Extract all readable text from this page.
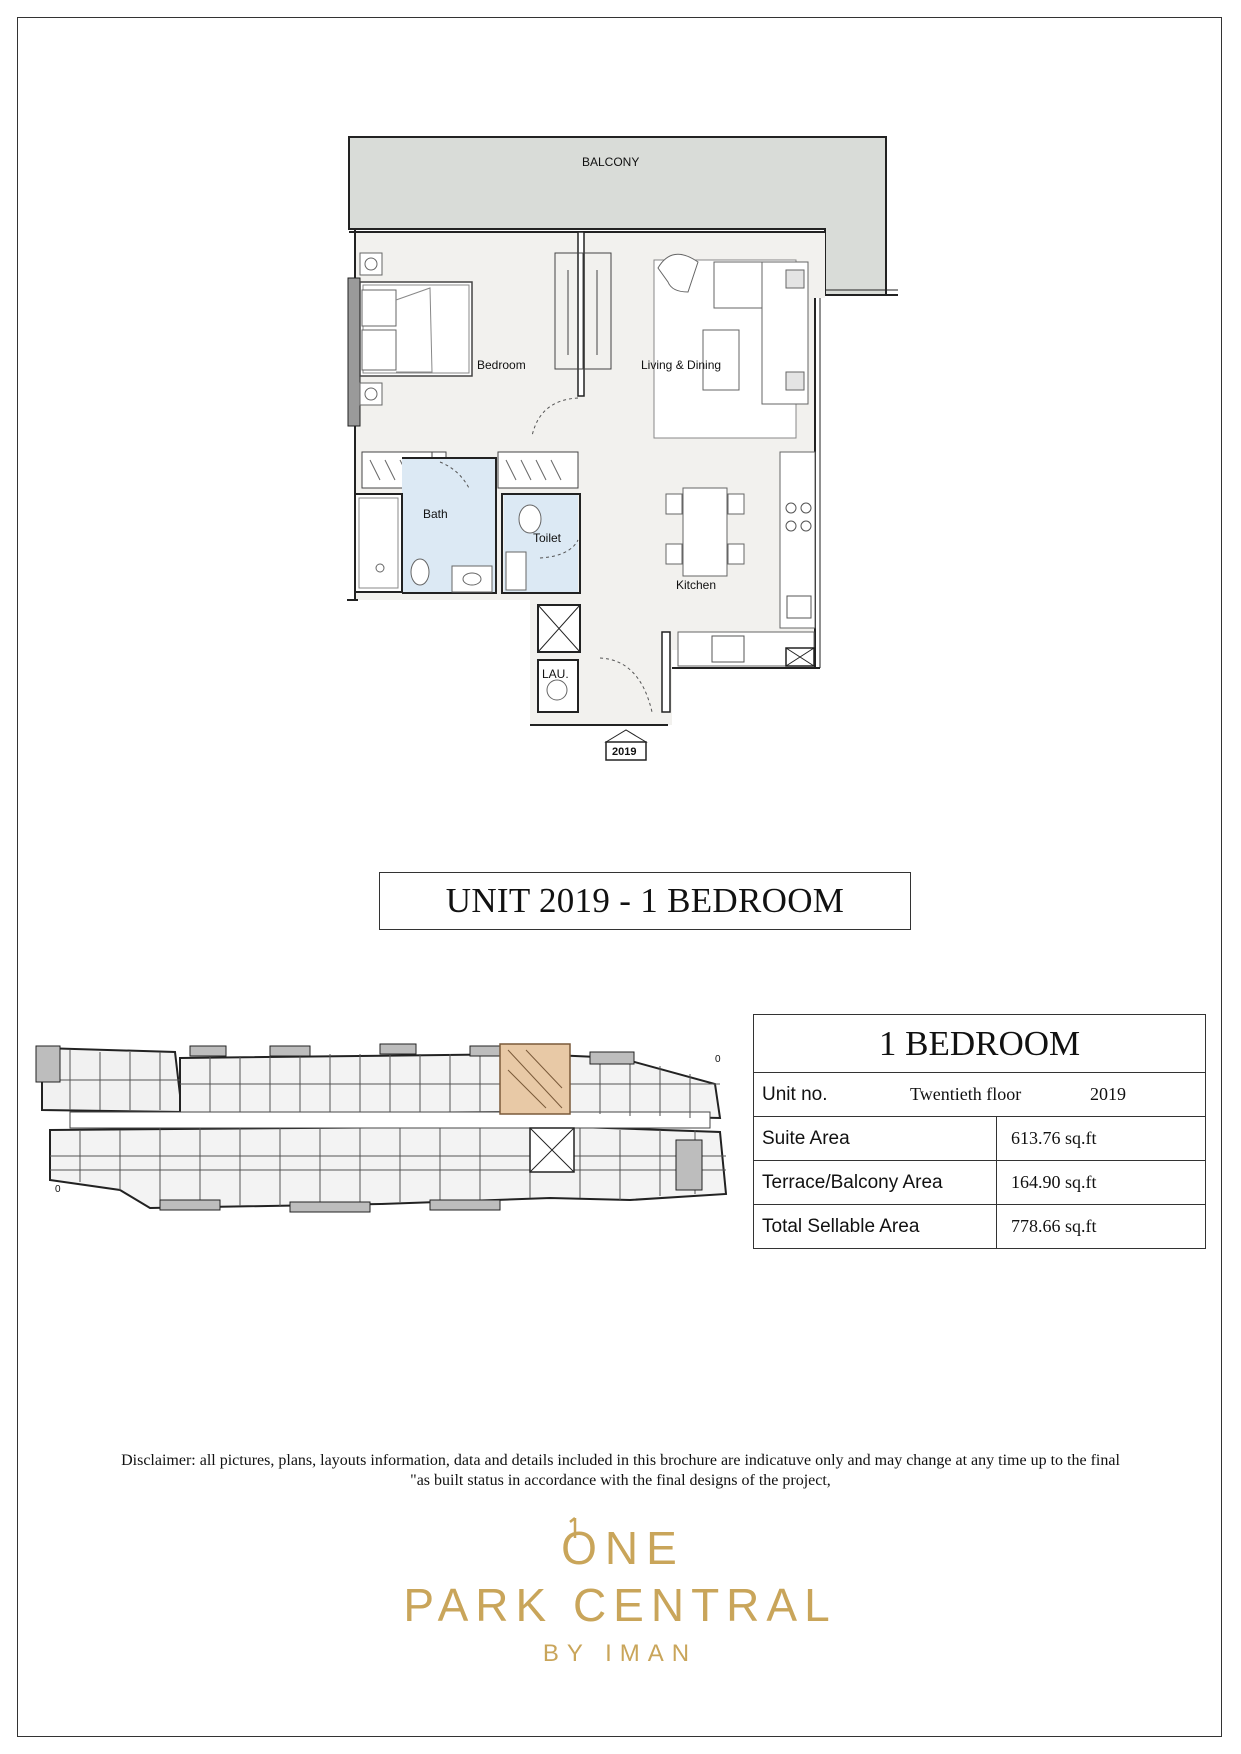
BALCONY
Bedroom	Living & Dining
Bath
Toilet
Kitchen
LAU.
2019
UNIT 2019 - 1 BEDROOM
0
0
1 BEDROOM	

Unit no. Twentieth floor 2019	

Suite Area	613.76 sq.ft
Terrace/Balcony Area	164.90 sq.ft
Total Sellable Area	778.66 sq.ft
Disclaimer: all pictures, plans, layouts information, data and details included in this brochure are indicatuve only and may change at any time up to the final
"as built status in accordance with the final designs of the project,
ONE
PARK CENTRAL
BY IMAN
